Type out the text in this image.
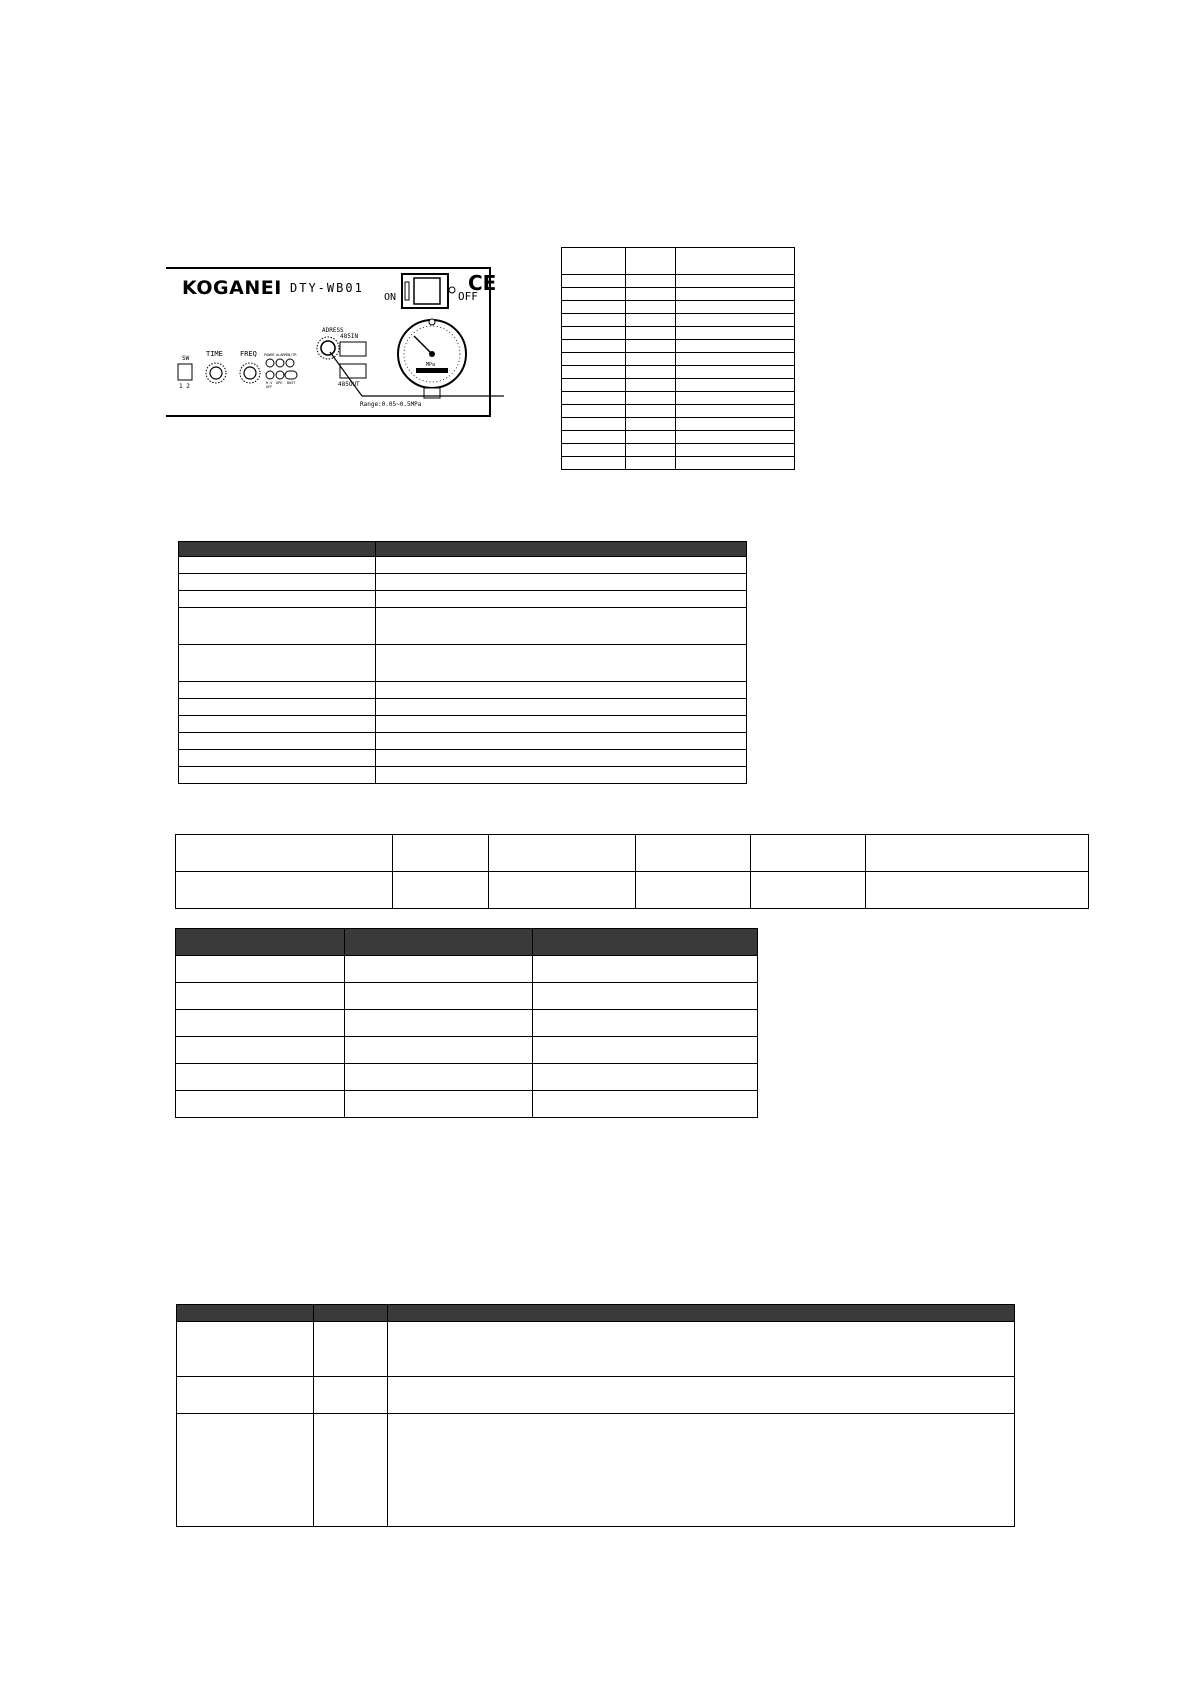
KOGANEI DTY-WB01	CE
ON	OFF
SW
1 2
TIME FREQ POWER ALARM IN/TR
H.V
OFF
OPE DUST
ADRESS
485IN
485OUT
MPa
Range:0.05~0.5MPa
